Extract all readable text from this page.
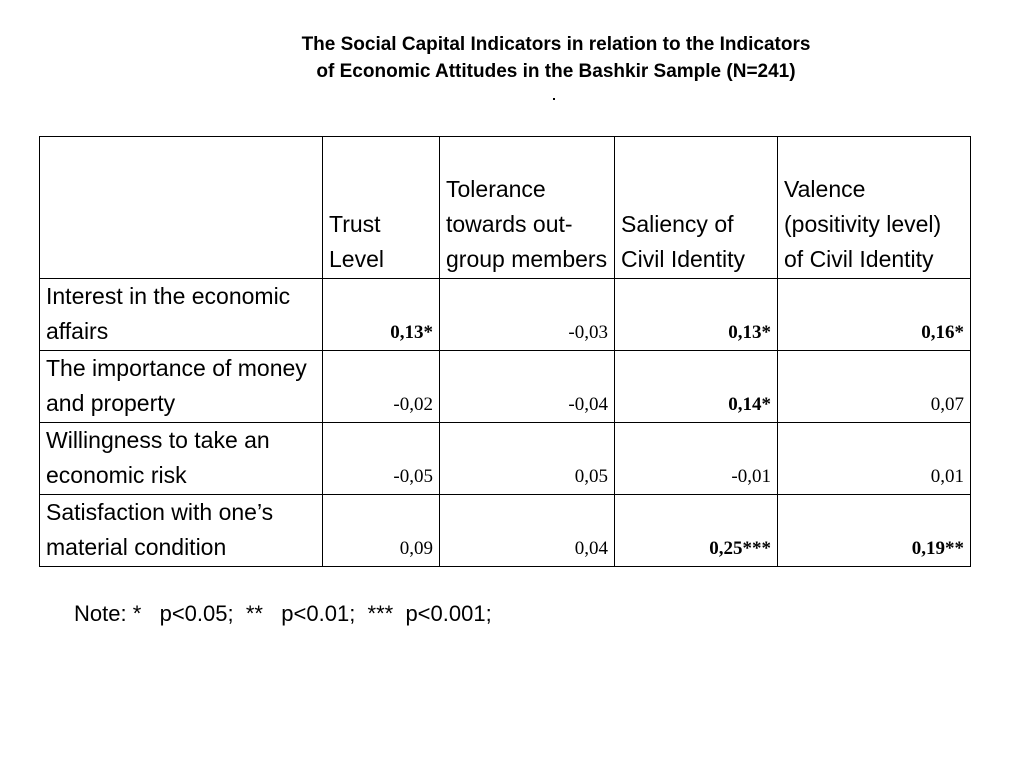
The Social Capital Indicators in relation to the Indicators
of Economic Attitudes in the Bashkir Sample (N=241)
	Trust Level	Tolerance towards out-group members	Saliency of Civil Identity	Valence (positivity level) of Civil Identity
Interest in the economic affairs	0,13*	-0,03	0,13*	0,16*
The importance of money and property	-0,02	-0,04	0,14*	0,07
Willingness to take an economic risk	-0,05	0,05	-0,01	0,01
Satisfaction with one’s material condition	0,09	0,04	0,25***	0,19**
Note: *   p<0.05;  **   p<0.01;  ***  p<0.001;
